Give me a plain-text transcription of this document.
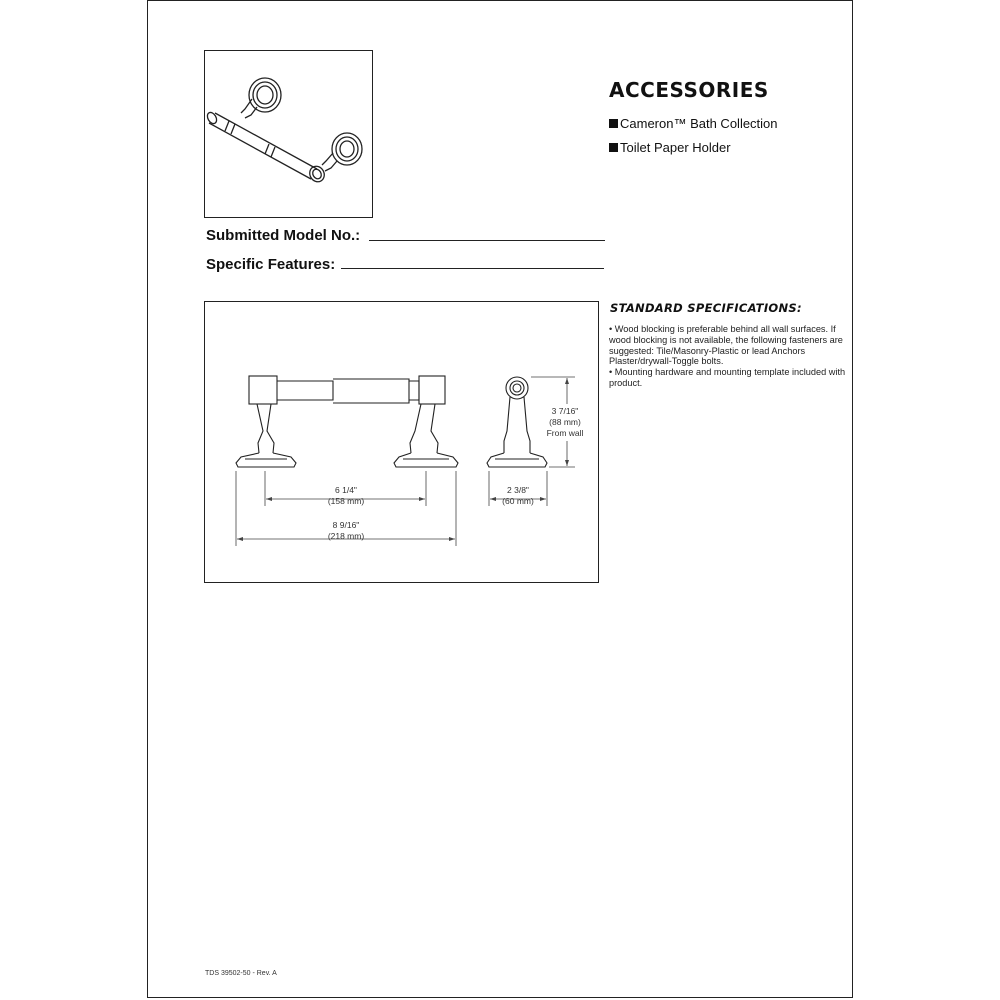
ACCESSORIES
Cameron™ Bath Collection
Toilet Paper Holder
Submitted Model No.:
Specific Features:
STANDARD SPECIFICATIONS:

• Wood blocking is preferable behind all wall surfaces. If wood blocking is not available, the following fasteners are suggested: Tile/Masonry-Plastic or lead Anchors Plaster/drywall-Toggle bolts.

• Mounting hardware and mounting template included with product.

6 1/4"
(158 mm)
8 9/16"
(218 mm)
2 3/8"
(60 mm)
3 7/16"
(88 mm)
From wall
TDS 39502-50 - Rev. A
